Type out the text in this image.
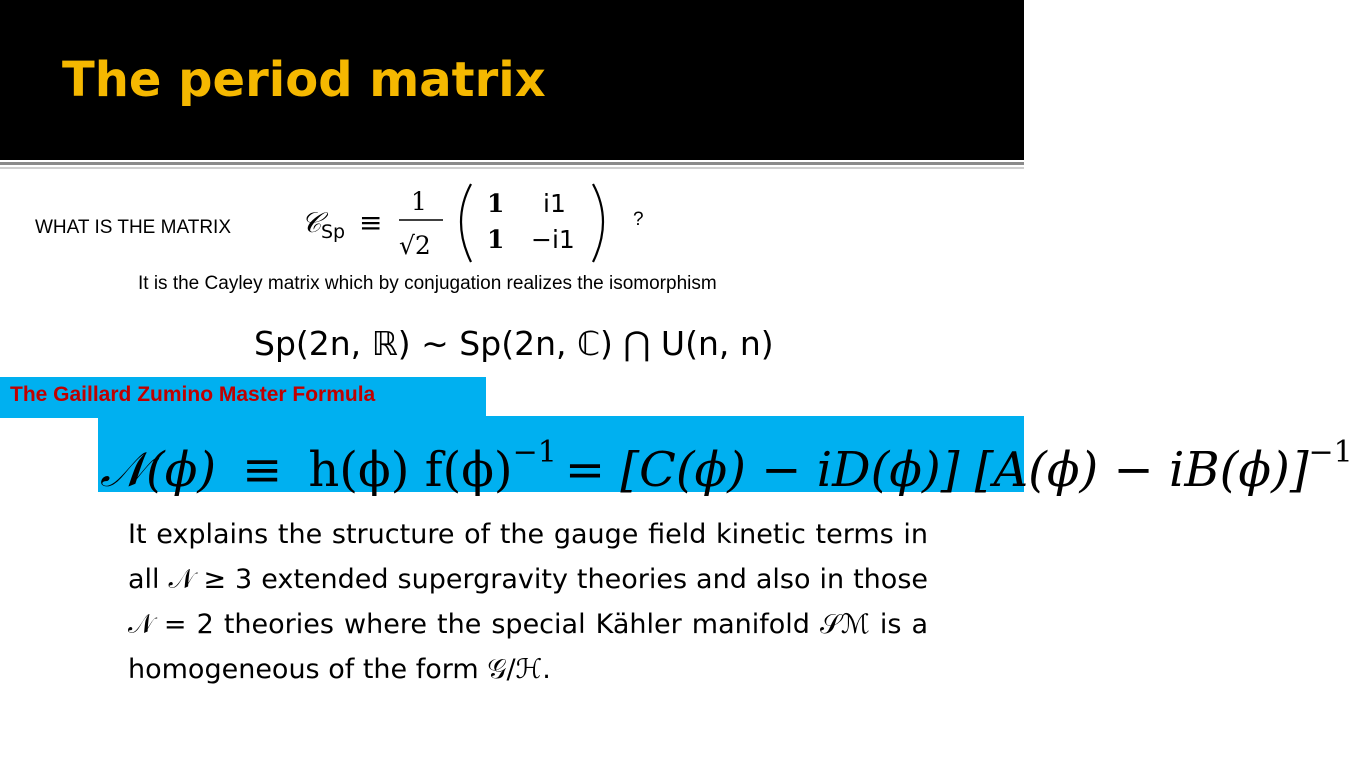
The period matrix
WHAT IS THE MATRIX	𝒞 Sp ≡
1
√2
1 i1
1 −i1
?
It is the Cayley matrix which by conjugation realizes the isomorphism
Sp(2n, ℝ) ∼ Sp(2n, ℂ) ⋂ U(n, n)
The Gaillard Zumino Master Formula
𝒩(ϕ) ≡ h(ϕ) $f(\phi)^{-1} = [C(\phi) - iD(\phi)] [A(\phi) - iB(\phi)]^{-1}$
It explains the structure of the gauge field kinetic terms in all 𝒩 ≥ 3 extended supergravity theories and also in those 𝒩 = 2 theories where the special Kähler manifold 𝒮ℳ is a homogeneous of the form 𝒢/ℋ.
